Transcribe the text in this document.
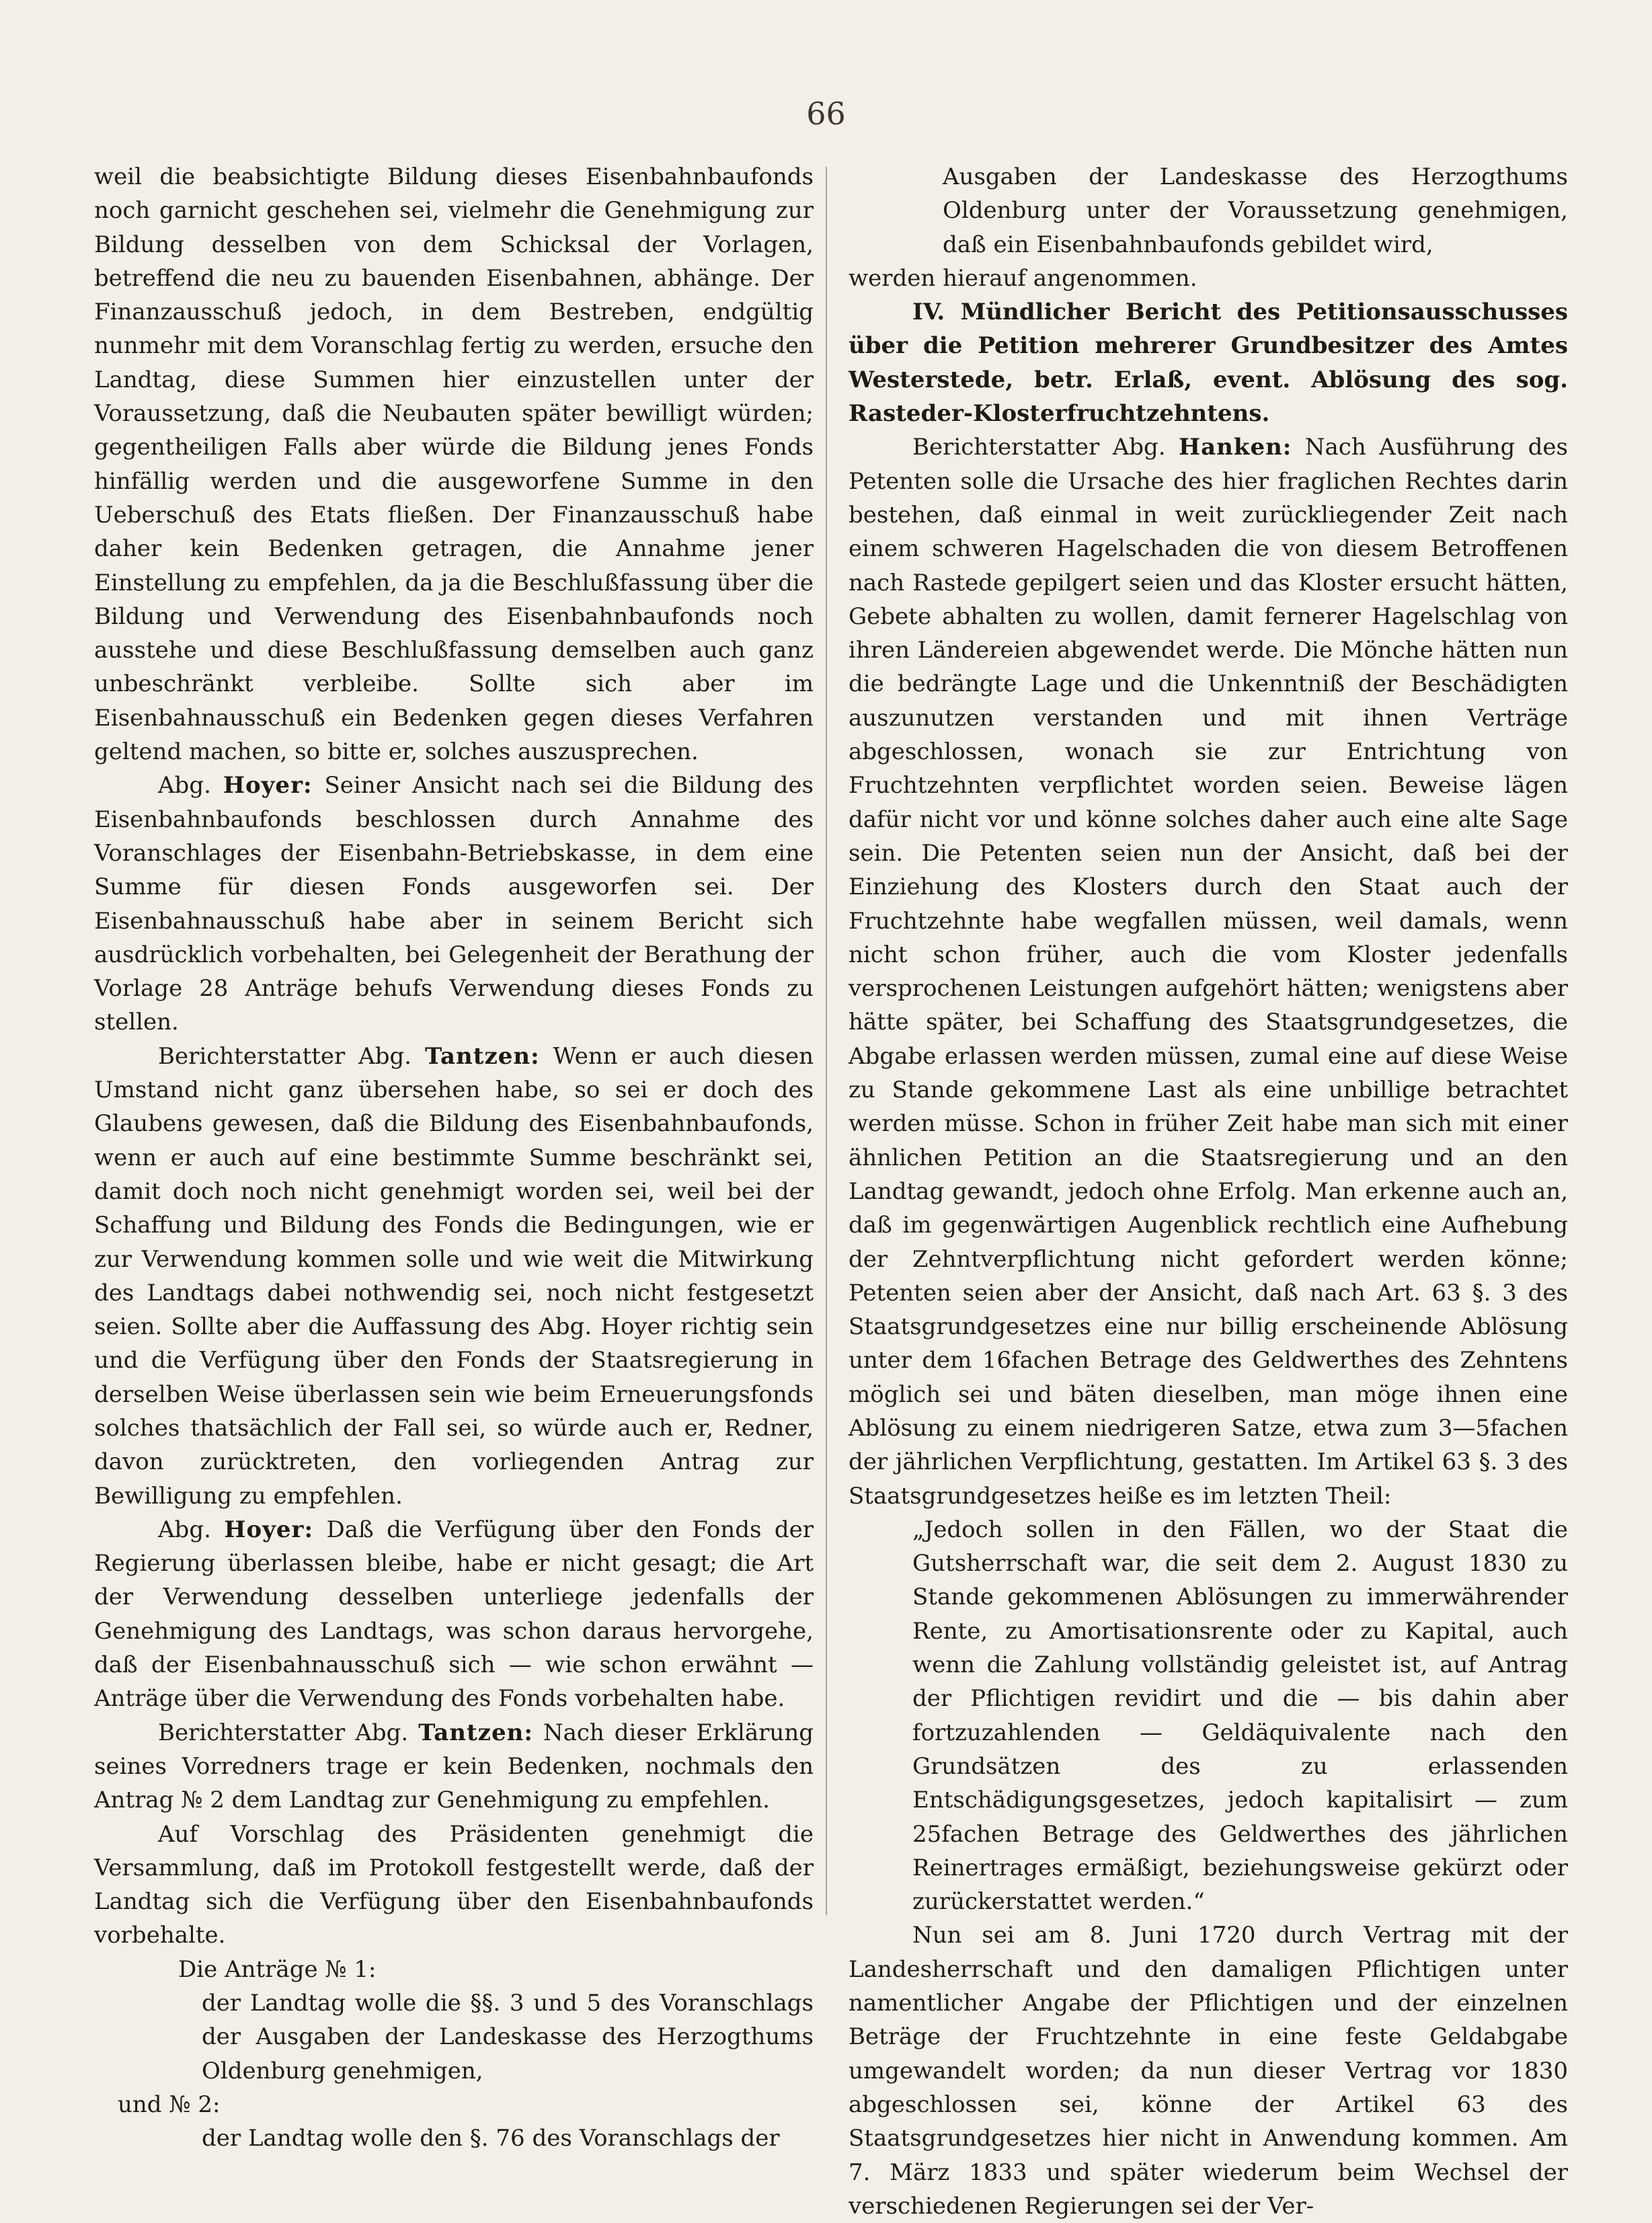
66

weil die beabsichtigte Bildung dieses Eisenbahnbaufonds noch garnicht geschehen sei, vielmehr die Genehmigung zur Bildung desselben von dem Schicksal der Vorlagen, betreffend die neu zu bauenden Eisenbahnen, abhänge. Der Finanzausschuß jedoch, in dem Bestreben, endgültig nunmehr mit dem Voranschlag fertig zu werden, ersuche den Landtag, diese Summen hier einzustellen unter der Voraussetzung, daß die Neubauten später bewilligt würden; gegentheiligen Falls aber würde die Bildung jenes Fonds hinfällig werden und die ausgeworfene Summe in den Ueberschuß des Etats fließen. Der Finanzausschuß habe daher kein Bedenken getragen, die Annahme jener Einstellung zu empfehlen, da ja die Beschlußfassung über die Bildung und Verwendung des Eisenbahnbaufonds noch ausstehe und diese Beschlußfassung demselben auch ganz unbeschränkt verbleibe. Sollte sich aber im Eisenbahnausschuß ein Bedenken gegen dieses Verfahren geltend machen, so bitte er, solches auszusprechen.

Abg. Hoyer: Seiner Ansicht nach sei die Bildung des Eisenbahnbaufonds beschlossen durch Annahme des Voranschlages der Eisenbahn-Betriebskasse, in dem eine Summe für diesen Fonds ausgeworfen sei. Der Eisenbahnausschuß habe aber in seinem Bericht sich ausdrücklich vorbehalten, bei Gelegenheit der Berathung der Vorlage 28 Anträge behufs Verwendung dieses Fonds zu stellen.

Berichterstatter Abg. Tantzen: Wenn er auch diesen Umstand nicht ganz übersehen habe, so sei er doch des Glaubens gewesen, daß die Bildung des Eisenbahnbaufonds, wenn er auch auf eine bestimmte Summe beschränkt sei, damit doch noch nicht genehmigt worden sei, weil bei der Schaffung und Bildung des Fonds die Bedingungen, wie er zur Verwendung kommen solle und wie weit die Mitwirkung des Landtags dabei nothwendig sei, noch nicht festgesetzt seien. Sollte aber die Auffassung des Abg. Hoyer richtig sein und die Verfügung über den Fonds der Staatsregierung in derselben Weise überlassen sein wie beim Erneuerungsfonds solches thatsächlich der Fall sei, so würde auch er, Redner, davon zurücktreten, den vorliegenden Antrag zur Bewilligung zu empfehlen.

Abg. Hoyer: Daß die Verfügung über den Fonds der Regierung überlassen bleibe, habe er nicht gesagt; die Art der Verwendung desselben unterliege jedenfalls der Genehmigung des Landtags, was schon daraus hervorgehe, daß der Eisenbahnausschuß sich — wie schon erwähnt — Anträge über die Verwendung des Fonds vorbehalten habe.

Berichterstatter Abg. Tantzen: Nach dieser Erklärung seines Vorredners trage er kein Bedenken, nochmals den Antrag № 2 dem Landtag zur Genehmigung zu empfehlen.

Auf Vorschlag des Präsidenten genehmigt die Versammlung, daß im Protokoll festgestellt werde, daß der Landtag sich die Verfügung über den Eisenbahnbaufonds vorbehalte.

Die Anträge № 1:

der Landtag wolle die §§. 3 und 5 des Voranschlags der Ausgaben der Landeskasse des Herzogthums Oldenburg genehmigen,

und № 2:

der Landtag wolle den §. 76 des Voranschlags der

Ausgaben der Landeskasse des Herzogthums Oldenburg unter der Voraussetzung genehmigen, daß ein Eisenbahnbaufonds gebildet wird,

werden hierauf angenommen.

IV. Mündlicher Bericht des Petitionsausschusses über die Petition mehrerer Grundbesitzer des Amtes Westerstede, betr. Erlaß, event. Ablösung des sog. Rasteder-Klosterfruchtzehntens.

Berichterstatter Abg. Hanken: Nach Ausführung des Petenten solle die Ursache des hier fraglichen Rechtes darin bestehen, daß einmal in weit zurückliegender Zeit nach einem schweren Hagelschaden die von diesem Betroffenen nach Rastede gepilgert seien und das Kloster ersucht hätten, Gebete abhalten zu wollen, damit fernerer Hagelschlag von ihren Ländereien abgewendet werde. Die Mönche hätten nun die bedrängte Lage und die Unkenntniß der Beschädigten auszunutzen verstanden und mit ihnen Verträge abgeschlossen, wonach sie zur Entrichtung von Fruchtzehnten verpflichtet worden seien. Beweise lägen dafür nicht vor und könne solches daher auch eine alte Sage sein. Die Petenten seien nun der Ansicht, daß bei der Einziehung des Klosters durch den Staat auch der Fruchtzehnte habe wegfallen müssen, weil damals, wenn nicht schon früher, auch die vom Kloster jedenfalls versprochenen Leistungen aufgehört hätten; wenigstens aber hätte später, bei Schaffung des Staatsgrundgesetzes, die Abgabe erlassen werden müssen, zumal eine auf diese Weise zu Stande gekommene Last als eine unbillige betrachtet werden müsse. Schon in früher Zeit habe man sich mit einer ähnlichen Petition an die Staatsregierung und an den Landtag gewandt, jedoch ohne Erfolg. Man erkenne auch an, daß im gegenwärtigen Augenblick rechtlich eine Aufhebung der Zehntverpflichtung nicht gefordert werden könne; Petenten seien aber der Ansicht, daß nach Art. 63 §. 3 des Staatsgrundgesetzes eine nur billig erscheinende Ablösung unter dem 16fachen Betrage des Geldwerthes des Zehntens möglich sei und bäten dieselben, man möge ihnen eine Ablösung zu einem niedrigeren Satze, etwa zum 3—5fachen der jährlichen Verpflichtung, gestatten. Im Artikel 63 §. 3 des Staatsgrundgesetzes heiße es im letzten Theil:

„Jedoch sollen in den Fällen, wo der Staat die Gutsherrschaft war, die seit dem 2. August 1830 zu Stande gekommenen Ablösungen zu immerwährender Rente, zu Amortisationsrente oder zu Kapital, auch wenn die Zahlung vollständig geleistet ist, auf Antrag der Pflichtigen revidirt und die — bis dahin aber fortzuzahlenden — Geldäquivalente nach den Grundsätzen des zu erlassenden Entschädigungsgesetzes, jedoch kapitalisirt — zum 25fachen Betrage des Geldwerthes des jährlichen Reinertrages ermäßigt, beziehungsweise gekürzt oder zurückerstattet werden.“

Nun sei am 8. Juni 1720 durch Vertrag mit der Landesherrschaft und den damaligen Pflichtigen unter namentlicher Angabe der Pflichtigen und der einzelnen Beträge der Fruchtzehnte in eine feste Geldabgabe umgewandelt worden; da nun dieser Vertrag vor 1830 abgeschlossen sei, könne der Artikel 63 des Staatsgrundgesetzes hier nicht in Anwendung kommen. Am 7. März 1833 und später wiederum beim Wechsel der verschiedenen Regierungen sei der Ver-
